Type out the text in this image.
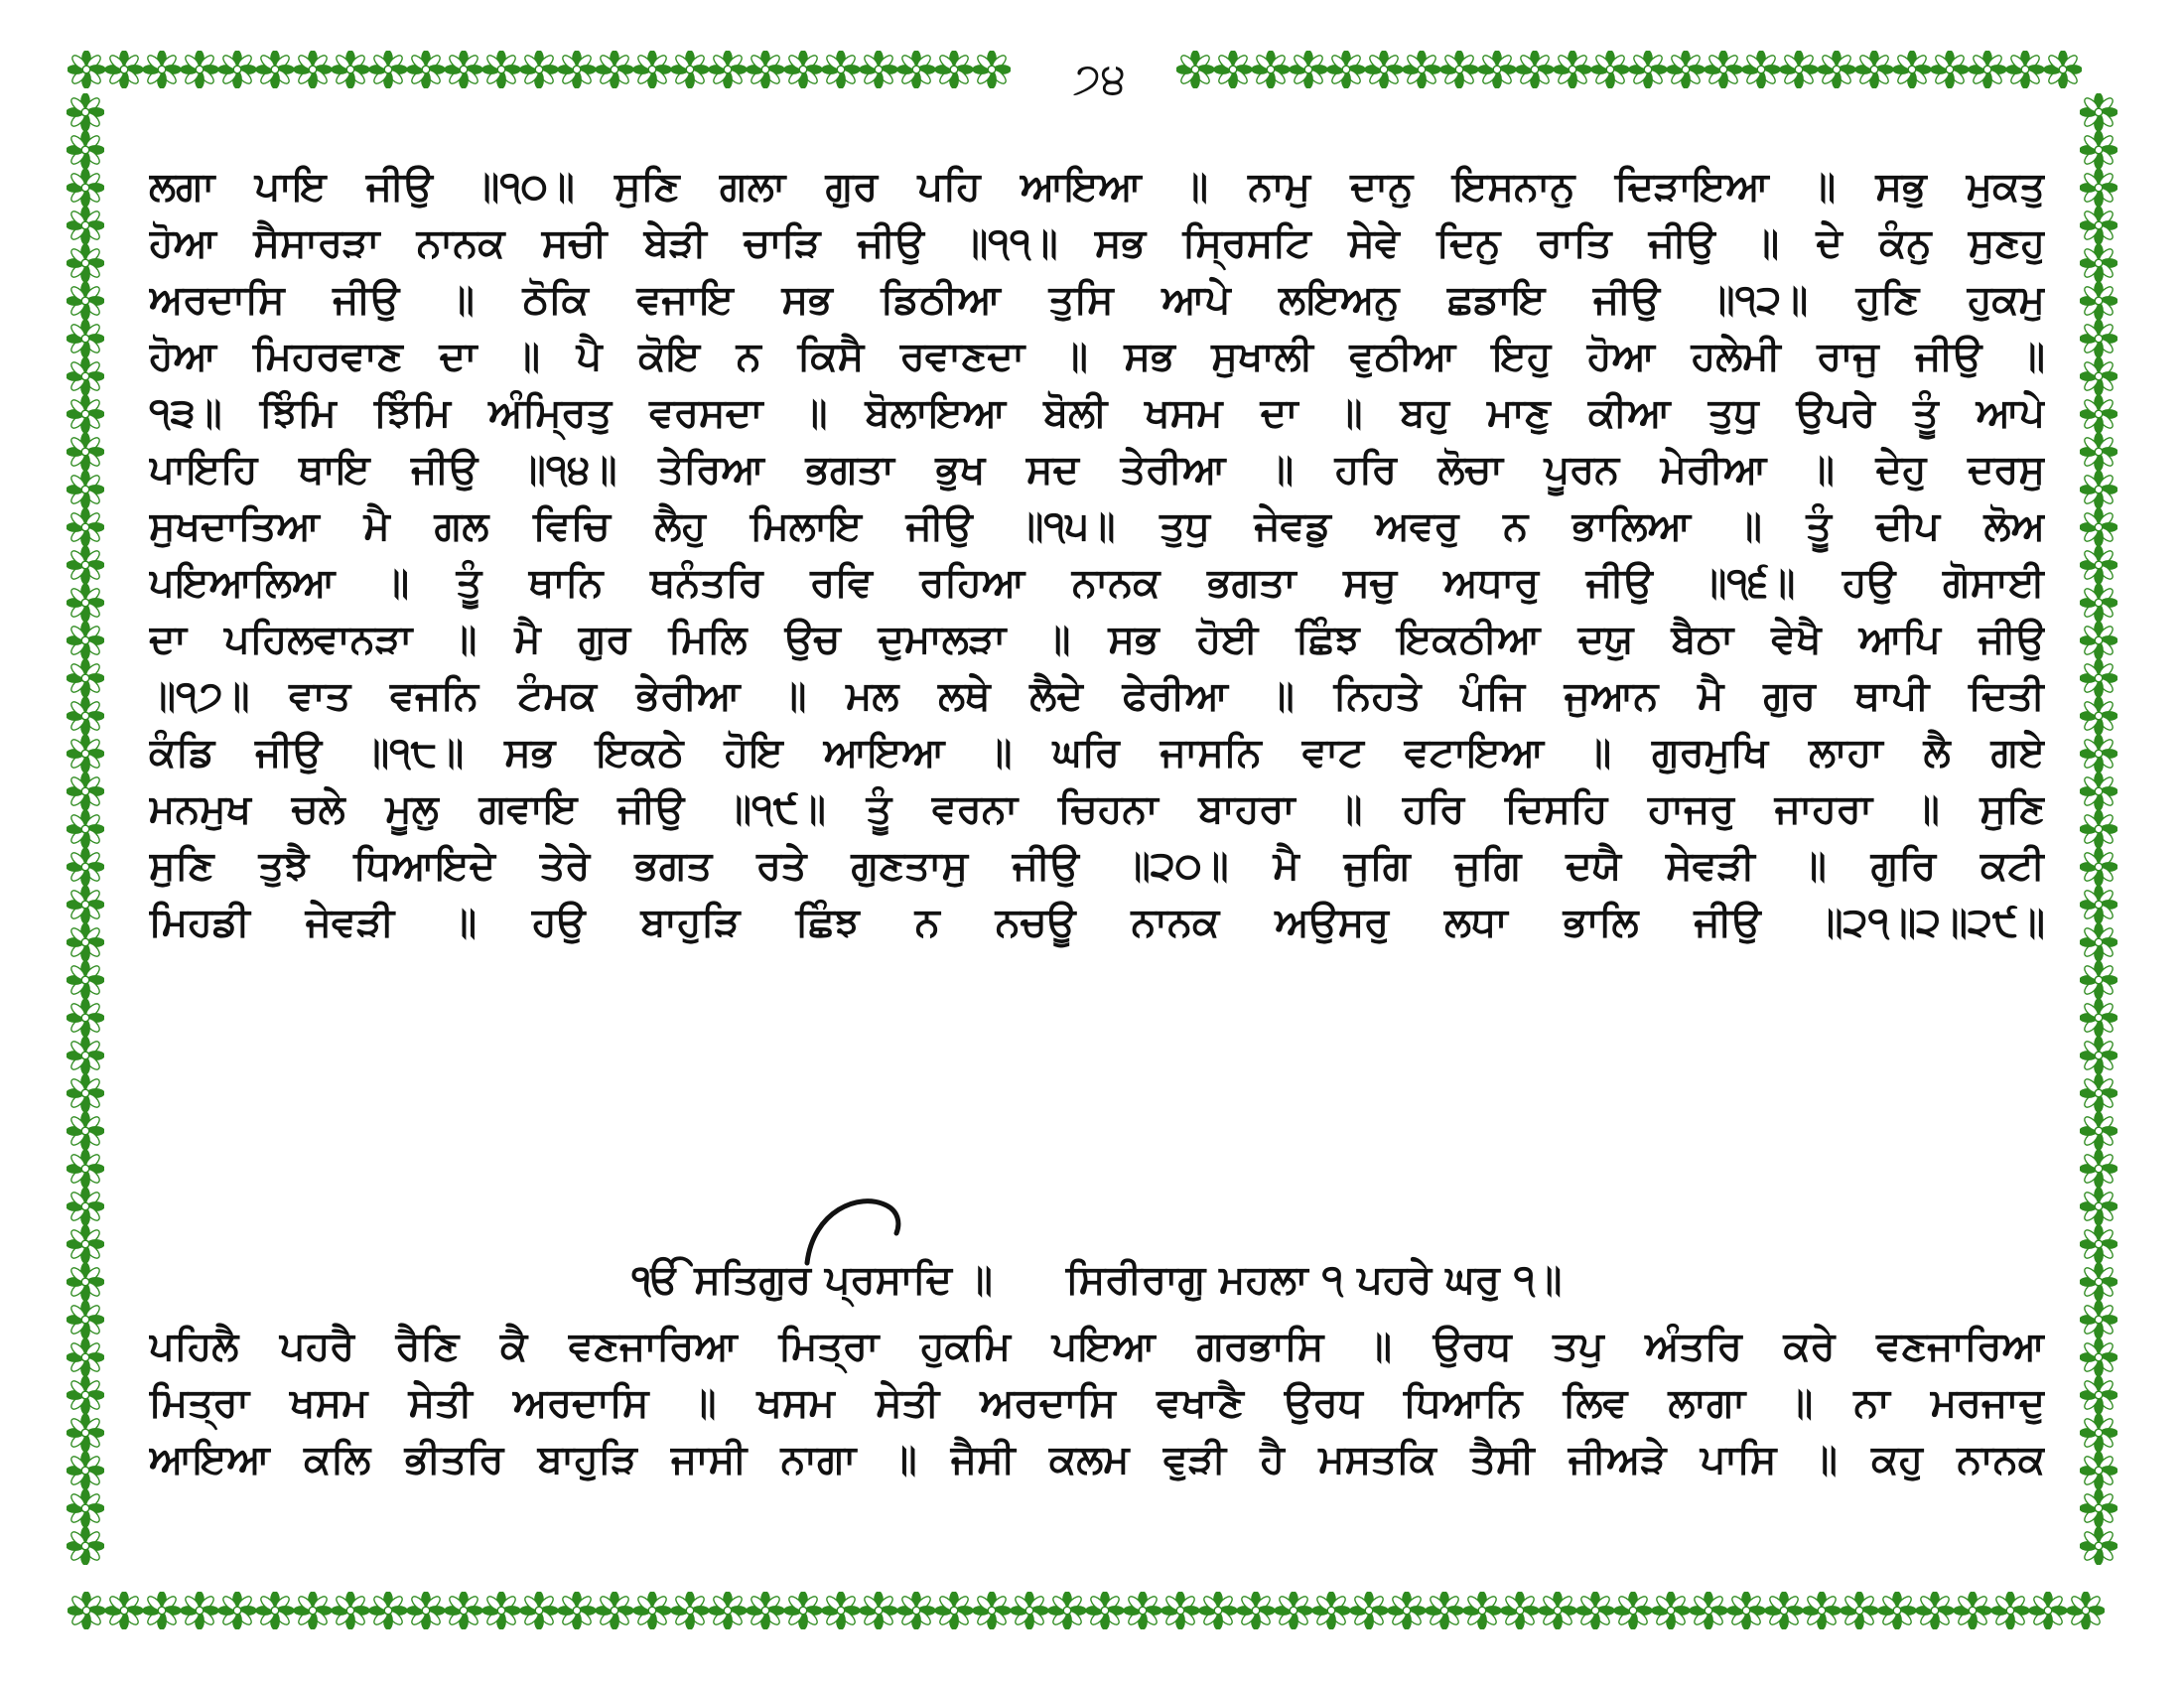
੭੪
ਲਗਾ ਪਾਇ ਜੀਉ ॥੧੦॥ ਸੁਣਿ ਗਲਾ ਗੁਰ ਪਹਿ ਆਇਆ ॥ ਨਾਮੁ ਦਾਨੁ ਇਸਨਾਨੁ ਦਿੜਾਇਆ ॥ ਸਭੁ ਮੁਕਤੁ
ਹੋਆ ਸੈਸਾਰੜਾ ਨਾਨਕ ਸਚੀ ਬੇੜੀ ਚਾੜਿ ਜੀਉ ॥੧੧॥ ਸਭ ਸ੍ਰਿਸਟਿ ਸੇਵੇ ਦਿਨੁ ਰਾਤਿ ਜੀਉ ॥ ਦੇ ਕੰਨੁ ਸੁਣਹੁ
ਅਰਦਾਸਿ ਜੀਉ ॥ ਠੋਕਿ ਵਜਾਇ ਸਭ ਡਿਠੀਆ ਤੁਸਿ ਆਪੇ ਲਇਅਨੁ ਛਡਾਇ ਜੀਉ ॥੧੨॥ ਹੁਣਿ ਹੁਕਮੁ
ਹੋਆ ਮਿਹਰਵਾਣ ਦਾ ॥ ਪੈ ਕੋਇ ਨ ਕਿਸੈ ਰਵਾਣਦਾ ॥ ਸਭ ਸੁਖਾਲੀ ਵੁਠੀਆ ਇਹੁ ਹੋਆ ਹਲੇਮੀ ਰਾਜੁ ਜੀਉ ॥
੧੩॥ ਝਿੰਮਿ ਝਿੰਮਿ ਅੰਮ੍ਰਿਤੁ ਵਰਸਦਾ ॥ ਬੋਲਾਇਆ ਬੋਲੀ ਖਸਮ ਦਾ ॥ ਬਹੁ ਮਾਣੁ ਕੀਆ ਤੁਧੁ ਉਪਰੇ ਤੂੰ ਆਪੇ
ਪਾਇਹਿ ਥਾਇ ਜੀਉ ॥੧੪॥ ਤੇਰਿਆ ਭਗਤਾ ਭੁਖ ਸਦ ਤੇਰੀਆ ॥ ਹਰਿ ਲੋਚਾ ਪੂਰਨ ਮੇਰੀਆ ॥ ਦੇਹੁ ਦਰਸੁ
ਸੁਖਦਾਤਿਆ ਮੈ ਗਲ ਵਿਚਿ ਲੈਹੁ ਮਿਲਾਇ ਜੀਉ ॥੧੫॥ ਤੁਧੁ ਜੇਵਡੁ ਅਵਰੁ ਨ ਭਾਲਿਆ ॥ ਤੂੰ ਦੀਪ ਲੋਅ
ਪਇਆਲਿਆ ॥ ਤੂੰ ਥਾਨਿ ਥਨੰਤਰਿ ਰਵਿ ਰਹਿਆ ਨਾਨਕ ਭਗਤਾ ਸਚੁ ਅਧਾਰੁ ਜੀਉ ॥੧੬॥ ਹਉ ਗੋਸਾਈ
ਦਾ ਪਹਿਲਵਾਨੜਾ ॥ ਮੈ ਗੁਰ ਮਿਲਿ ਉਚ ਦੁਮਾਲੜਾ ॥ ਸਭ ਹੋਈ ਛਿੰਝ ਇਕਠੀਆ ਦਯੁ ਬੈਠਾ ਵੇਖੈ ਆਪਿ ਜੀਉ
॥੧੭॥ ਵਾਤ ਵਜਨਿ ਟੰਮਕ ਭੇਰੀਆ ॥ ਮਲ ਲਥੇ ਲੈਦੇ ਫੇਰੀਆ ॥ ਨਿਹਤੇ ਪੰਜਿ ਜੁਆਨ ਮੈ ਗੁਰ ਥਾਪੀ ਦਿਤੀ
ਕੰਡਿ ਜੀਉ ॥੧੮॥ ਸਭ ਇਕਠੇ ਹੋਇ ਆਇਆ ॥ ਘਰਿ ਜਾਸਨਿ ਵਾਟ ਵਟਾਇਆ ॥ ਗੁਰਮੁਖਿ ਲਾਹਾ ਲੈ ਗਏ
ਮਨਮੁਖ ਚਲੇ ਮੂਲੁ ਗਵਾਇ ਜੀਉ ॥੧੯॥ ਤੂੰ ਵਰਨਾ ਚਿਹਨਾ ਬਾਹਰਾ ॥ ਹਰਿ ਦਿਸਹਿ ਹਾਜਰੁ ਜਾਹਰਾ ॥ ਸੁਣਿ
ਸੁਣਿ ਤੁਝੈ ਧਿਆਇਦੇ ਤੇਰੇ ਭਗਤ ਰਤੇ ਗੁਣਤਾਸੁ ਜੀਉ ॥੨੦॥ ਮੈ ਜੁਗਿ ਜੁਗਿ ਦਯੈ ਸੇਵੜੀ ॥ ਗੁਰਿ ਕਟੀ
ਮਿਹਡੀ ਜੇਵੜੀ ॥ ਹਉ ਬਾਹੁੜਿ ਛਿੰਝ ਨ ਨਚਊ ਨਾਨਕ ਅਉਸਰੁ ਲਧਾ ਭਾਲਿ ਜੀਉ ॥੨੧॥੨॥੨੯॥
ੴ ਸਤਿਗੁਰ ਪ੍ਰਸਾਦਿ ॥ ਸਿਰੀਰਾਗੁ ਮਹਲਾ ੧ ਪਹਰੇ ਘਰੁ ੧॥
ਪਹਿਲੈ ਪਹਰੈ ਰੈਣਿ ਕੈ ਵਣਜਾਰਿਆ ਮਿਤ੍ਰਾ ਹੁਕਮਿ ਪਇਆ ਗਰਭਾਸਿ ॥ ਉਰਧ ਤਪੁ ਅੰਤਰਿ ਕਰੇ ਵਣਜਾਰਿਆ
ਮਿਤ੍ਰਾ ਖਸਮ ਸੇਤੀ ਅਰਦਾਸਿ ॥ ਖਸਮ ਸੇਤੀ ਅਰਦਾਸਿ ਵਖਾਣੈ ਉਰਧ ਧਿਆਨਿ ਲਿਵ ਲਾਗਾ ॥ ਨਾ ਮਰਜਾਦੁ
ਆਇਆ ਕਲਿ ਭੀਤਰਿ ਬਾਹੁੜਿ ਜਾਸੀ ਨਾਗਾ ॥ ਜੈਸੀ ਕਲਮ ਵੁੜੀ ਹੈ ਮਸਤਕਿ ਤੈਸੀ ਜੀਅੜੇ ਪਾਸਿ ॥ ਕਹੁ ਨਾਨਕ
